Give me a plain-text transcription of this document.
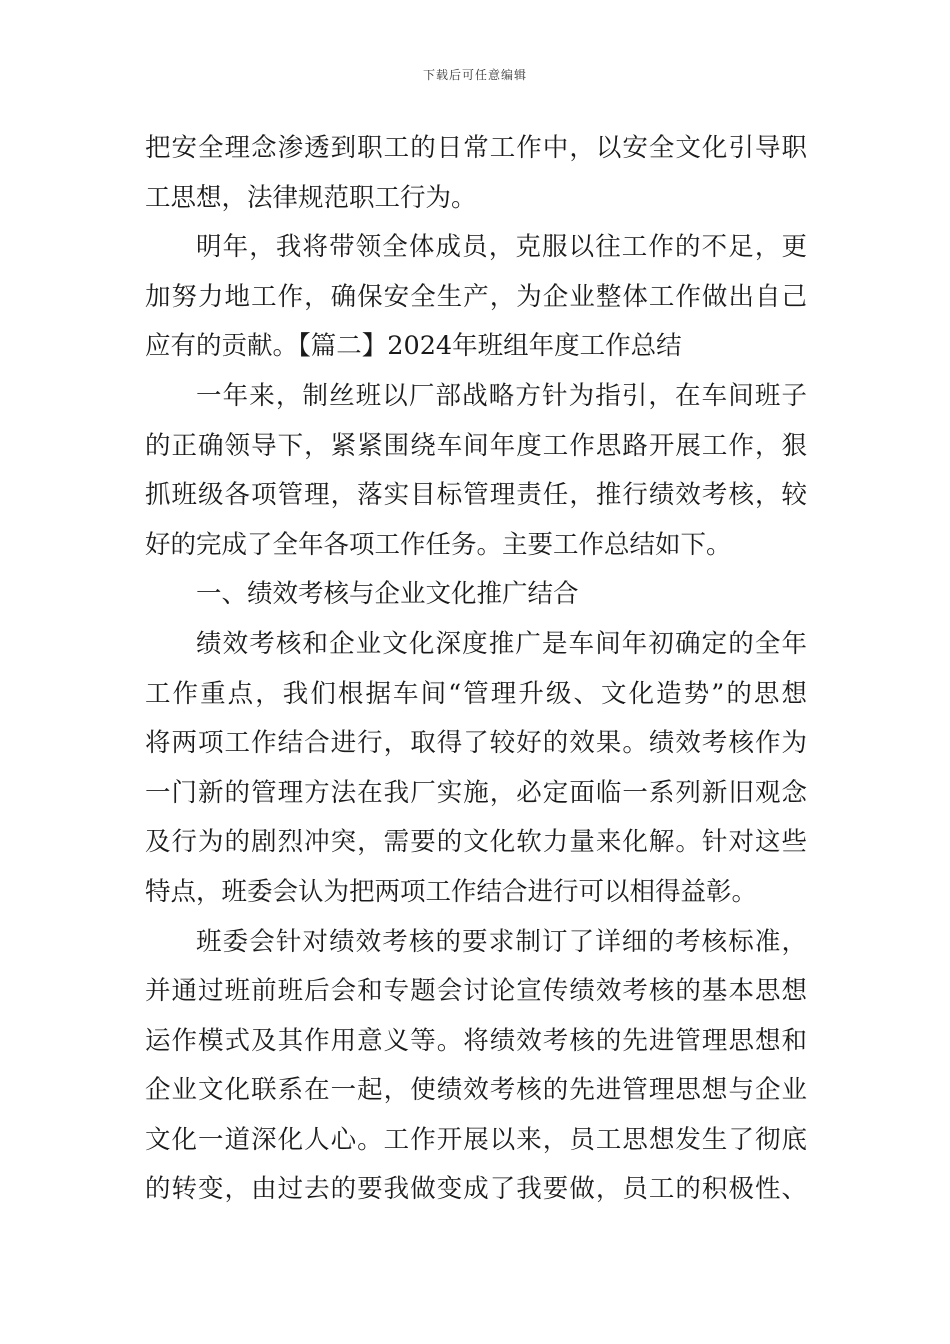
下载后可任意编辑
把安全理念渗透到职工的日常工作中，以安全文化引导职
工思想，法律规范职工行为。
明年，我将带领全体成员，克服以往工作的不足，更
加努力地工作，确保安全生产，为企业整体工作做出自己
应有的贡献。【篇二】2024年班组年度工作总结
一年来，制丝班以厂部战略方针为指引，在车间班子
的正确领导下，紧紧围绕车间年度工作思路开展工作，狠
抓班级各项管理，落实目标管理责任，推行绩效考核，较
好的完成了全年各项工作任务。主要工作总结如下。
一、绩效考核与企业文化推广结合
绩效考核和企业文化深度推广是车间年初确定的全年
工作重点，我们根据车间“管理升级、文化造势”的思想
将两项工作结合进行，取得了较好的效果。绩效考核作为
一门新的管理方法在我厂实施，必定面临一系列新旧观念
及行为的剧烈冲突，需要的文化软力量来化解。针对这些
特点，班委会认为把两项工作结合进行可以相得益彰。
班委会针对绩效考核的要求制订了详细的考核标准，
并通过班前班后会和专题会讨论宣传绩效考核的基本思想
运作模式及其作用意义等。将绩效考核的先进管理思想和
企业文化联系在一起，使绩效考核的先进管理思想与企业
文化一道深化人心。工作开展以来，员工思想发生了彻底
的转变，由过去的要我做变成了我要做，员工的积极性、
